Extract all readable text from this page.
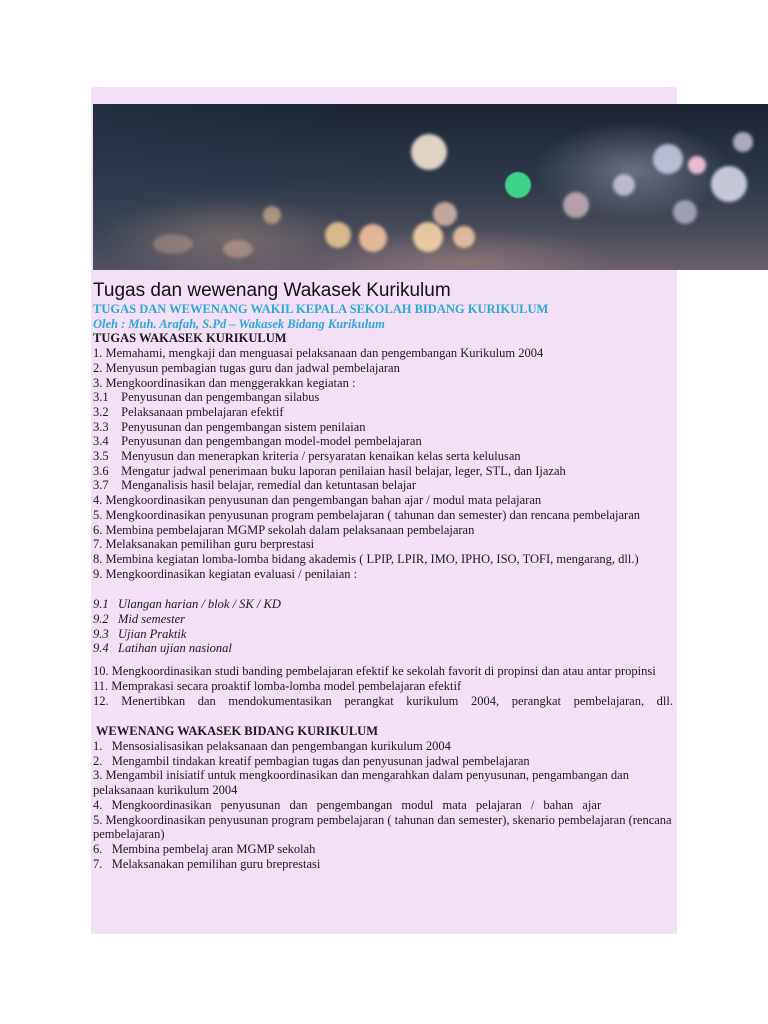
Tugas dan wewenang Wakasek Kurikulum
TUGAS DAN WEWENANG WAKIL KEPALA SEKOLAH BIDANG KURIKULUM
Oleh : Muh. Arafah, S.Pd – Wakasek Bidang Kurikulum
TUGAS WAKASEK KURIKULUM
1. Memahami, mengkaji dan menguasai pelaksanaan dan pengembangan Kurikulum 2004
2. Menyusun pembagian tugas guru dan jadwal pembelajaran
3. Mengkoordinasikan dan menggerakkan kegiatan :
3.1    Penyusunan dan pengembangan silabus
3.2    Pelaksanaan pmbelajaran efektif
3.3    Penyusunan dan pengembangan sistem penilaian
3.4    Penyusunan dan pengembangan model-model pembelajaran
3.5    Menyusun dan menerapkan kriteria / persyaratan kenaikan kelas serta kelulusan
3.6    Mengatur jadwal penerimaan buku laporan penilaian hasil belajar, leger, STL, dan Ijazah
3.7    Menganalisis hasil belajar, remedial dan ketuntasan belajar
4. Mengkoordinasikan penyusunan dan pengembangan bahan ajar / modul mata pelajaran
5. Mengkoordinasikan penyusunan program pembelajaran ( tahunan dan semester) dan rencana pembelajaran
6. Membina pembelajaran MGMP sekolah dalam pelaksanaan pembelajaran
7. Melaksanakan pemilihan guru berprestasi
8. Membina kegiatan lomba-lomba bidang akademis ( LPIP, LPIR, IMO, IPHO, ISO, TOFI, mengarang, dll.)
9. Mengkoordinasikan kegiatan evaluasi / penilaian :
9.1   Ulangan harian / blok / SK / KD
9.2   Mid semester
9.3   Ujian Praktik
9.4   Latihan ujian nasional
10. Mengkoordinasikan studi banding pembelajaran efektif ke sekolah favorit di propinsi dan atau antar propinsi
11. Memprakasi secara proaktif lomba-lomba model pembelajaran efektif
12. Menertibkan dan mendokumentasikan perangkat kurikulum 2004, perangkat pembelajaran, dll.
WEWENANG WAKASEK BIDANG KURIKULUM
1.   Mensosialisasikan pelaksanaan dan pengembangan kurikulum 2004
2.   Mengambil tindakan kreatif pembagian tugas dan penyusunan jadwal pembelajaran
3. Mengambil inisiatif untuk mengkoordinasikan dan mengarahkan dalam penyusunan, pengambangan dan pelaksanaan kurikulum 2004
4. Mengkoordinasikan penyusunan dan pengembangan modul mata pelajaran / bahan ajar
5. Mengkoordinasikan penyusunan program pembelajaran ( tahunan dan semester), skenario pembelajaran (rencana pembelajaran)
6.   Membina pembelaj aran MGMP sekolah
7.   Melaksanakan pemilihan guru breprestasi
